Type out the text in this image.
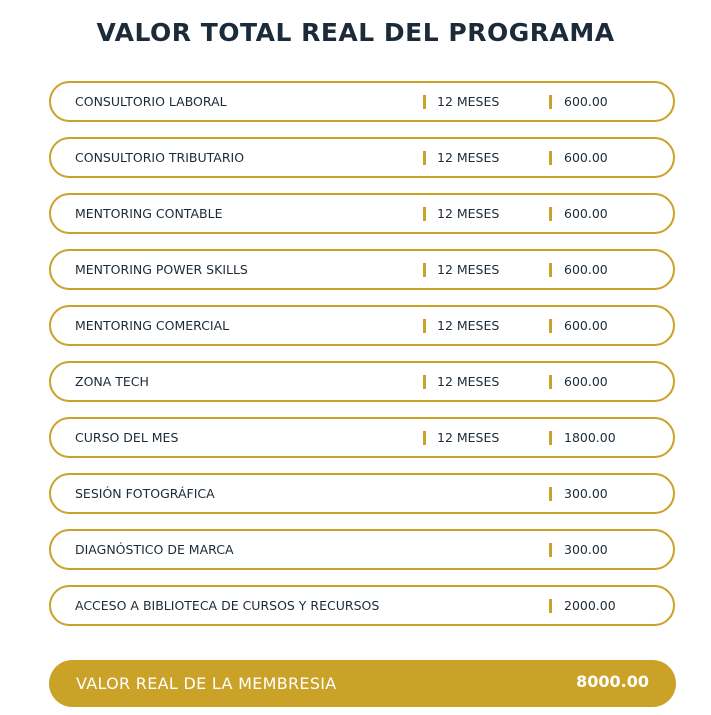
VALOR TOTAL REAL DEL PROGRAMA
CONSULTORIO LABORAL	12 MESES	600.00
CONSULTORIO TRIBUTARIO	12 MESES	600.00
MENTORING CONTABLE	12 MESES	600.00
MENTORING POWER SKILLS	12 MESES	600.00
MENTORING COMERCIAL	12 MESES	600.00
ZONA TECH	12 MESES	600.00
CURSO DEL MES	12 MESES	1800.00
SESIÓN FOTOGRÁFICA	300.00
DIAGNÓSTICO DE MARCA	300.00
ACCESO A BIBLIOTECA DE CURSOS Y RECURSOS	2000.00
VALOR REAL DE LA MEMBRESIA	8000.00
